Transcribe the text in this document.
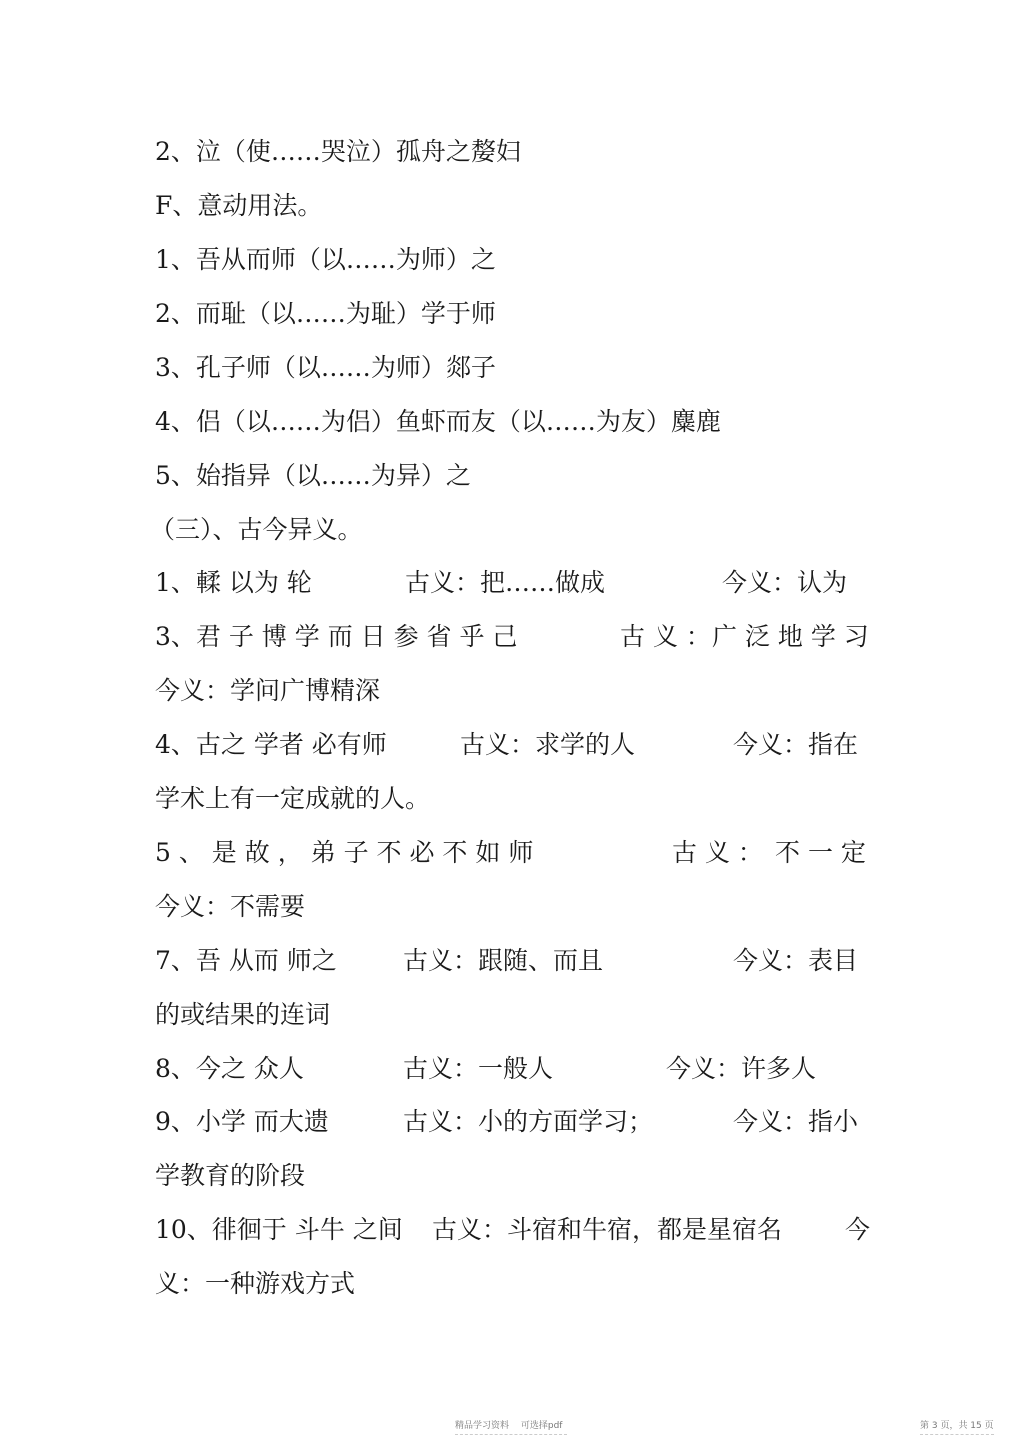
2、泣（使……哭泣）孤舟之嫠妇
F、意动用法。
1、吾从而师（以……为师）之
2、而耻（以……为耻）学于师
3、孔子师（以……为师）郯子
4、侣（以……为侣）鱼虾而友（以……为友）麋鹿
5、始指异（以……为异）之
（三）、古今异义。
1、輮 以为 轮	古义：把……做成	今义：认为
3、君 子 博 学 而 日 参 省 乎 己	古 义 ： 广 泛 地 学 习
今义：学问广博精深
4、古之 学者 必有师	古义：求学的人	今义：指在
学术上有一定成就的人。
5 、 是 故 ， 弟 子 不 必 不 如 师	古 义 ： 不 一 定
今义：不需要
7、吾 从而 师之	古义：跟随、而且	今义：表目
的或结果的连词
8、今之 众人	古义：一般人	今义：许多人
9、小学 而大遗	古义：小的方面学习；	今义：指小
学教育的阶段
10、徘徊于 斗牛 之间 古义：斗宿和牛宿，都是星宿名	今
义：一种游戏方式
精品学习资料　 可选择pdf	第 3 页，共 15 页
